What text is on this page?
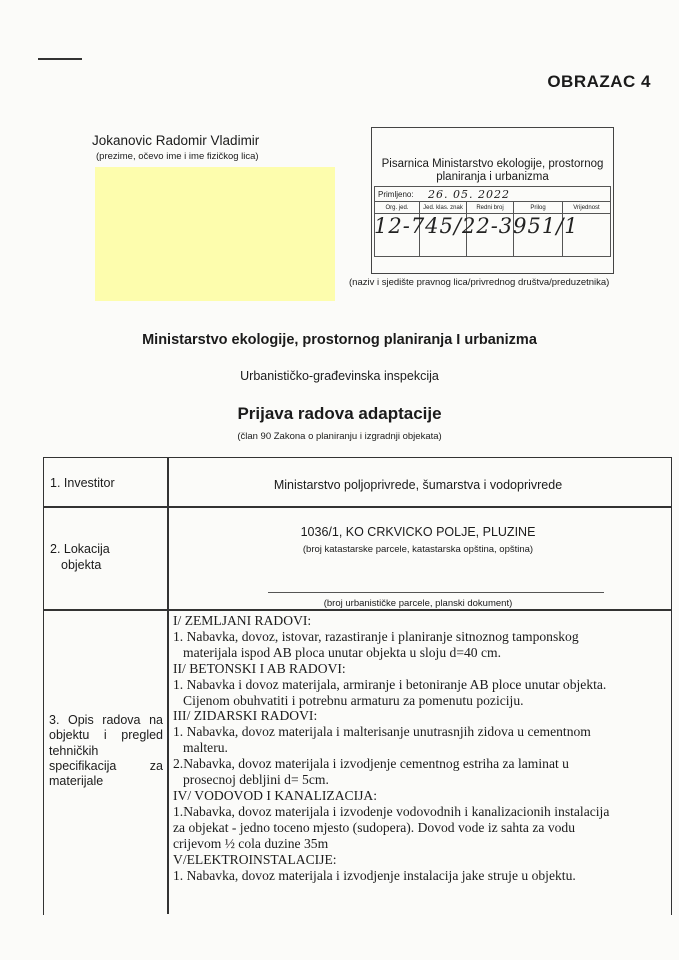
OBRAZAC 4
Jokanovic Radomir Vladimir
(prezime, očevo ime i ime fizičkog lica)
Pisarnica Ministarstvo ekologije, prostornog
planiranja i urbanizma
Primljeno:	26. 05. 2022
Org. jed.	Jed. klas. znak	Redni broj	Prilog	Vrijednost
12-745/22-3951/1
(naziv i sjedište pravnog lica/privrednog društva/preduzetnika)
Ministarstvo ekologije, prostornog planiranja I urbanizma
Urbanističko-građevinska inspekcija
Prijava radova adaptacije
(član 90 Zakona o planiranju i izgradnji objekata)
1. Investitor	Ministarstvo poljoprivrede, šumarstva i vodoprivrede
2. Lokacija
objekta
1036/1, KO CRKVICKO POLJE, PLUZINE
(broj katastarske parcele, katastarska opština, opština)
(broj urbanističke parcele, planski dokument)
3. Opis radova na objektu i pregled tehničkih specifikacija za materijale
I/ ZEMLJANI RADOVI:
1. Nabavka, dovoz, istovar, razastiranje i planiranje sitnoznog tamponskog
materijala ispod AB ploca unutar objekta u sloju d=40 cm.
II/ BETONSKI I AB RADOVI:
1. Nabavka i dovoz materijala, armiranje i betoniranje AB ploce unutar objekta.
Cijenom obuhvatiti i potrebnu armaturu za pomenutu poziciju.
III/ ZIDARSKI RADOVI:
1. Nabavka, dovoz materijala i malterisanje unutrasnjih zidova u cementnom
malteru.
2.Nabavka, dovoz materijala i izvodjenje cementnog estriha za laminat u
prosecnoj debljini d= 5cm.
IV/ VODOVOD I KANALIZACIJA:
1.Nabavka, dovoz materijala i izvodenje vodovodnih i kanalizacionih instalacija
za objekat - jedno toceno mjesto (sudopera). Dovod vode iz sahta za vodu
crijevom ½ cola duzine 35m
V/ELEKTROINSTALACIJE:
1. Nabavka, dovoz materijala i izvodjenje instalacija jake struje u objektu.
